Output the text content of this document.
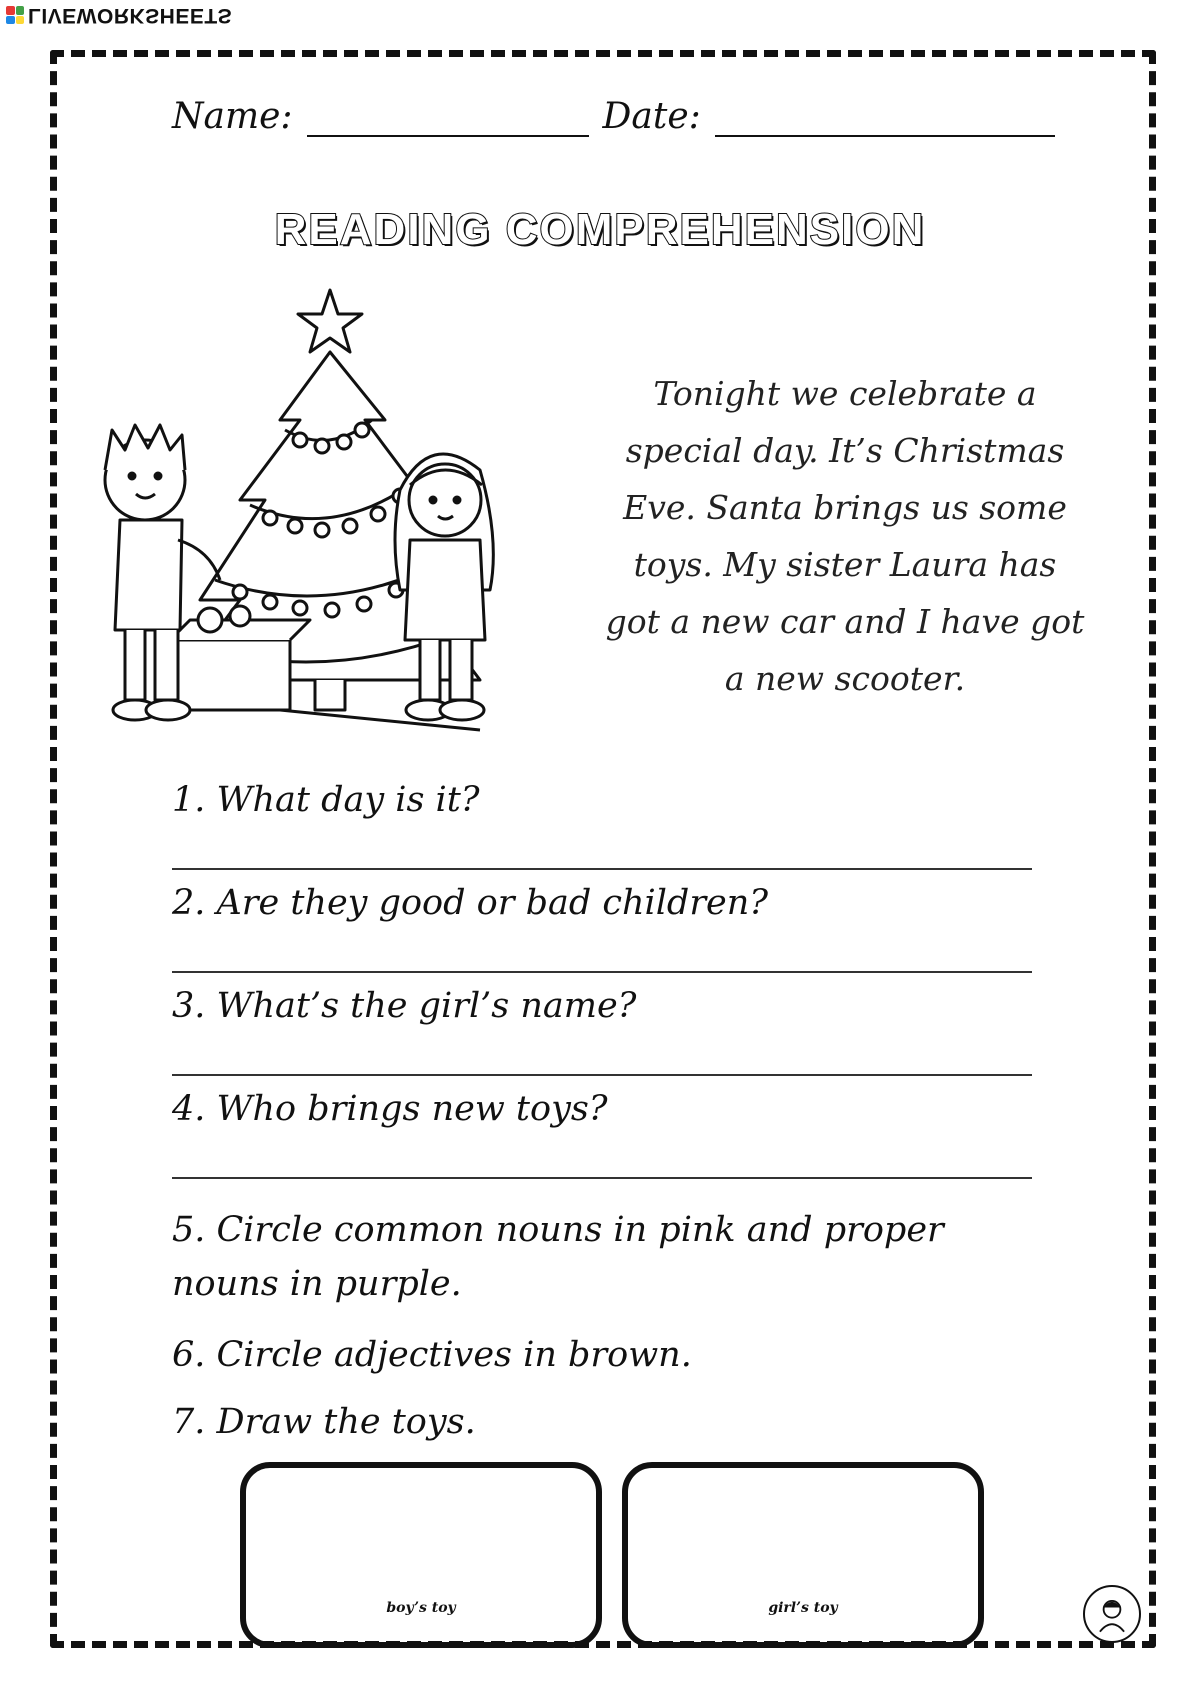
LIVEWORKSHEETS
Name:	Date:
READING COMPREHENSION
Tonight we celebrate a special day. It’s Christmas Eve. Santa brings us some toys. My sister Laura has got a new car and I have got a new scooter.
1. What day is it?
2. Are they good or bad children?
3. What’s the girl’s name?
4. Who brings new toys?
5. Circle common nouns in pink and proper nouns in purple.
6. Circle adjectives in brown.
7. Draw the toys.
boy’s toy	girl’s toy
